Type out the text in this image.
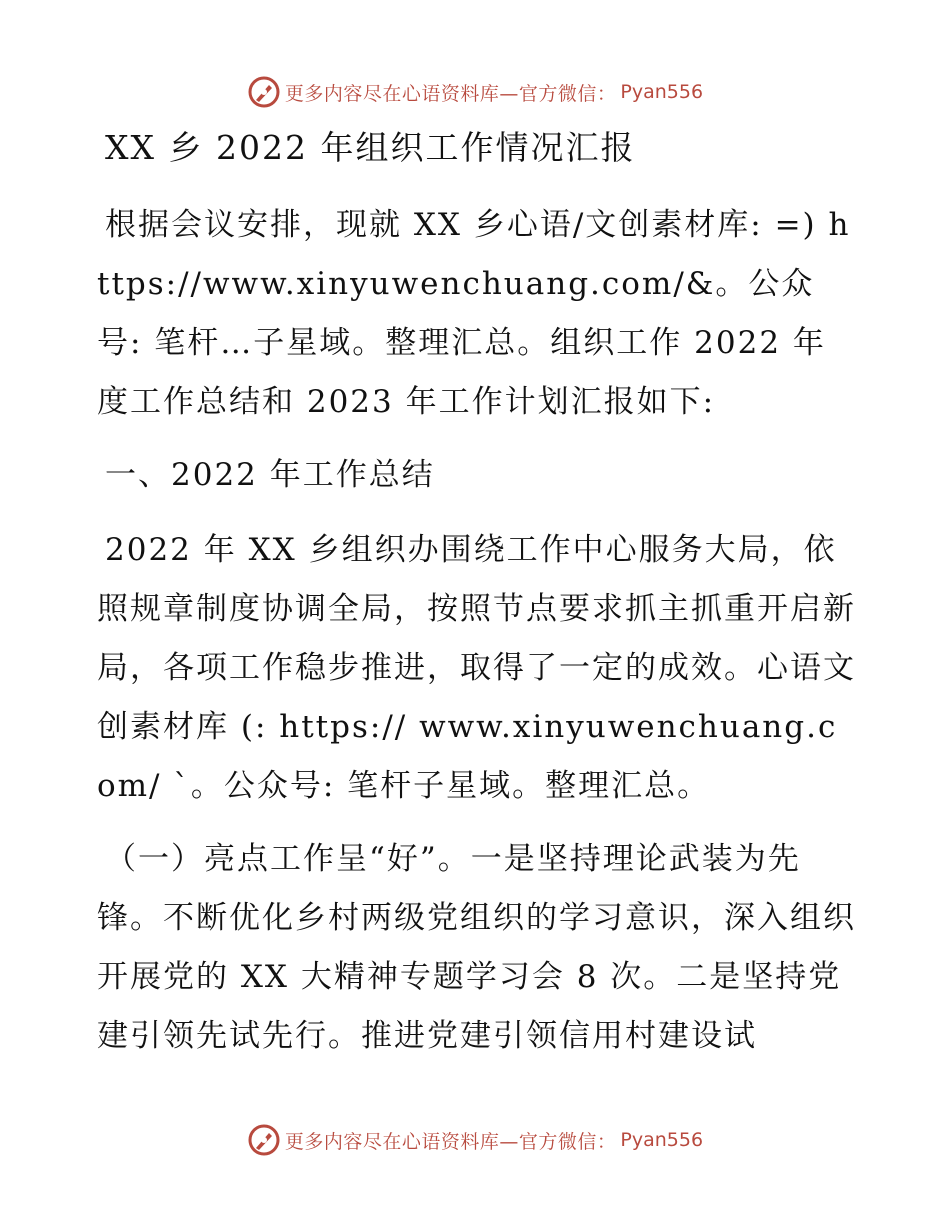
更多内容尽在心语资料库—官方微信： Pyan556
XX 乡 2022 年组织工作情况汇报

根据会议安排，现就 XX 乡心语/文创素材库: =) https://www.xinyuwenchuang.com/&。公众号: 笔杆…子星域。整理汇总。组织工作 2022 年度工作总结和 2023 年工作计划汇报如下:

一、2022 年工作总结

2022 年 XX 乡组织办围绕工作中心服务大局，依照规章制度协调全局，按照节点要求抓主抓重开启新局，各项工作稳步推进，取得了一定的成效。心语文创素材库 (: https:// www.xinyuwenchuang.com/ `。公众号: 笔杆子星域。整理汇总。

（一）亮点工作呈“好”。一是坚持理论武装为先锋。不断优化乡村两级党组织的学习意识，深入组织开展党的 XX 大精神专题学习会 8 次。二是坚持党建引领先试先行。推进党建引领信用村建设试

更多内容尽在心语资料库—官方微信： Pyan556
